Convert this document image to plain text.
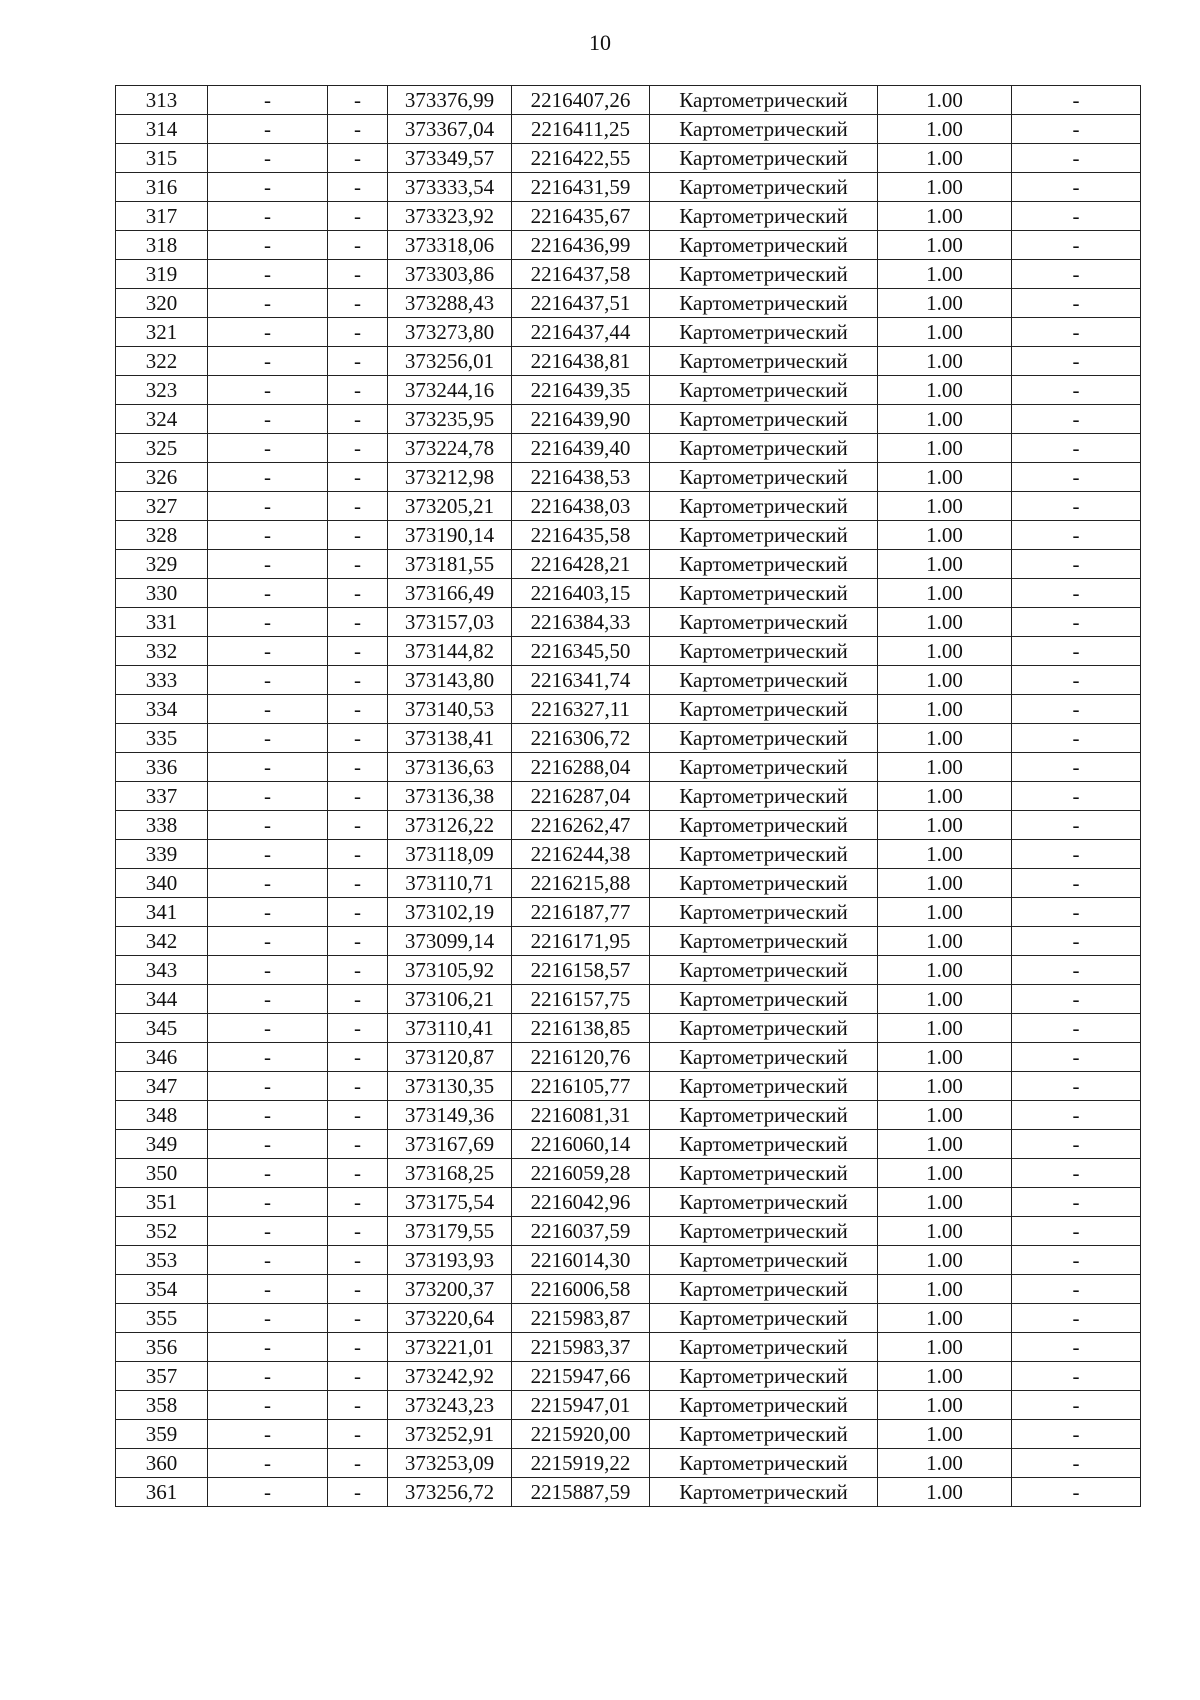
10
313	-	-	373376,99	2216407,26	Картометрический	1.00	-
314	-	-	373367,04	2216411,25	Картометрический	1.00	-
315	-	-	373349,57	2216422,55	Картометрический	1.00	-
316	-	-	373333,54	2216431,59	Картометрический	1.00	-
317	-	-	373323,92	2216435,67	Картометрический	1.00	-
318	-	-	373318,06	2216436,99	Картометрический	1.00	-
319	-	-	373303,86	2216437,58	Картометрический	1.00	-
320	-	-	373288,43	2216437,51	Картометрический	1.00	-
321	-	-	373273,80	2216437,44	Картометрический	1.00	-
322	-	-	373256,01	2216438,81	Картометрический	1.00	-
323	-	-	373244,16	2216439,35	Картометрический	1.00	-
324	-	-	373235,95	2216439,90	Картометрический	1.00	-
325	-	-	373224,78	2216439,40	Картометрический	1.00	-
326	-	-	373212,98	2216438,53	Картометрический	1.00	-
327	-	-	373205,21	2216438,03	Картометрический	1.00	-
328	-	-	373190,14	2216435,58	Картометрический	1.00	-
329	-	-	373181,55	2216428,21	Картометрический	1.00	-
330	-	-	373166,49	2216403,15	Картометрический	1.00	-
331	-	-	373157,03	2216384,33	Картометрический	1.00	-
332	-	-	373144,82	2216345,50	Картометрический	1.00	-
333	-	-	373143,80	2216341,74	Картометрический	1.00	-
334	-	-	373140,53	2216327,11	Картометрический	1.00	-
335	-	-	373138,41	2216306,72	Картометрический	1.00	-
336	-	-	373136,63	2216288,04	Картометрический	1.00	-
337	-	-	373136,38	2216287,04	Картометрический	1.00	-
338	-	-	373126,22	2216262,47	Картометрический	1.00	-
339	-	-	373118,09	2216244,38	Картометрический	1.00	-
340	-	-	373110,71	2216215,88	Картометрический	1.00	-
341	-	-	373102,19	2216187,77	Картометрический	1.00	-
342	-	-	373099,14	2216171,95	Картометрический	1.00	-
343	-	-	373105,92	2216158,57	Картометрический	1.00	-
344	-	-	373106,21	2216157,75	Картометрический	1.00	-
345	-	-	373110,41	2216138,85	Картометрический	1.00	-
346	-	-	373120,87	2216120,76	Картометрический	1.00	-
347	-	-	373130,35	2216105,77	Картометрический	1.00	-
348	-	-	373149,36	2216081,31	Картометрический	1.00	-
349	-	-	373167,69	2216060,14	Картометрический	1.00	-
350	-	-	373168,25	2216059,28	Картометрический	1.00	-
351	-	-	373175,54	2216042,96	Картометрический	1.00	-
352	-	-	373179,55	2216037,59	Картометрический	1.00	-
353	-	-	373193,93	2216014,30	Картометрический	1.00	-
354	-	-	373200,37	2216006,58	Картометрический	1.00	-
355	-	-	373220,64	2215983,87	Картометрический	1.00	-
356	-	-	373221,01	2215983,37	Картометрический	1.00	-
357	-	-	373242,92	2215947,66	Картометрический	1.00	-
358	-	-	373243,23	2215947,01	Картометрический	1.00	-
359	-	-	373252,91	2215920,00	Картометрический	1.00	-
360	-	-	373253,09	2215919,22	Картометрический	1.00	-
361	-	-	373256,72	2215887,59	Картометрический	1.00	-
